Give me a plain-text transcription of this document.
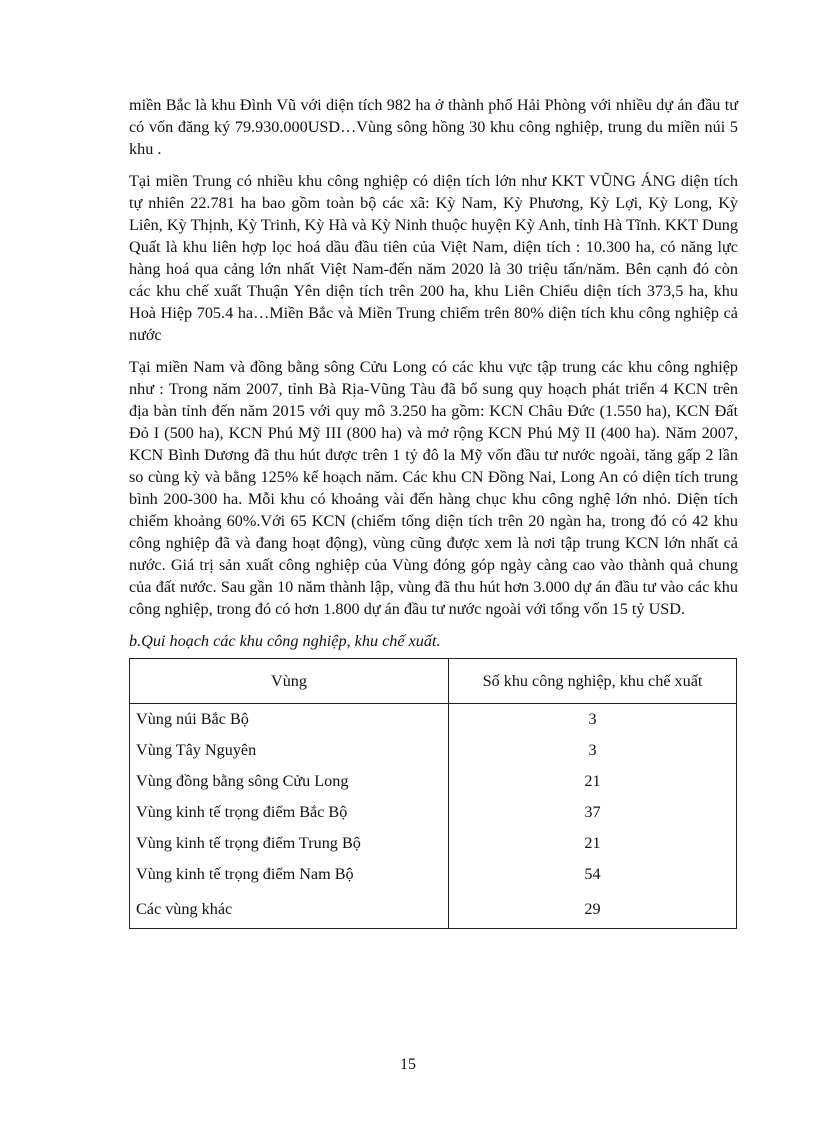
miền Bắc là khu Đình Vũ với diện tích 982 ha ở thành phố Hải Phòng với nhiều dự án đầu tư có vốn đăng ký 79.930.000USD…Vùng sông hồng 30 khu công nghiệp, trung du miền núi 5 khu .

Tại miền Trung có nhiều khu công nghiệp có diện tích lớn như KKT VŨNG ÁNG diện tích tự nhiên 22.781 ha bao gồm toàn bộ các xã: Kỳ Nam, Kỳ Phương, Kỳ Lợi, Kỳ Long, Kỳ Liên, Kỳ Thịnh, Kỳ Trinh, Kỳ Hà và Kỳ Ninh thuộc huyện Kỳ Anh, tỉnh Hà Tĩnh. KKT Dung Quất là khu liên hợp lọc hoá dầu đầu tiên của Việt Nam, diện tích : 10.300 ha, có năng lực hàng hoá qua cảng lớn nhất Việt Nam-đến năm 2020 là 30 triệu tấn/năm. Bên cạnh đó còn các khu chế xuất Thuận Yên diện tích trên 200 ha, khu Liên Chiểu diện tích 373,5 ha, khu Hoà Hiệp 705.4 ha…Miền Bắc và Miền Trung chiếm trên 80% diện tích khu công nghiệp cả nước

Tại miền Nam và đồng bằng sông Cửu Long có các khu vực tập trung các khu công nghiệp như : Trong năm 2007, tỉnh Bà Rịa-Vũng Tàu đã bổ sung quy hoạch phát triển 4 KCN trên địa bàn tỉnh đến năm 2015 với quy mô 3.250 ha gồm: KCN Châu Đức (1.550 ha), KCN Đất Đỏ I (500 ha), KCN Phú Mỹ III (800 ha) và mở rộng KCN Phú Mỹ II (400 ha). Năm 2007, KCN Bình Dương đã thu hút được trên 1 tỷ đô la Mỹ vốn đầu tư nước ngoài, tăng gấp 2 lần so cùng kỳ và bằng 125% kế hoạch năm. Các khu CN Đồng Nai, Long An có diện tích trung bình 200-300 ha. Mỗi khu có khoảng vài đến hàng chục khu công nghệ lớn nhỏ. Diện tích chiếm khoảng 60%.Với 65 KCN (chiếm tổng diện tích trên 20 ngàn ha, trong đó có 42 khu công nghiệp đã và đang hoạt động), vùng cũng được xem là nơi tập trung KCN lớn nhất cả nước. Giá trị sản xuất công nghiệp của Vùng đóng góp ngày càng cao vào thành quả chung của đất nước. Sau gần 10 năm thành lập, vùng đã thu hút hơn 3.000 dự án đầu tư vào các khu công nghiệp, trong đó có hơn 1.800 dự án đầu tư nước ngoài với tổng vốn 15 tỷ USD.

b.Qui hoạch các khu công nghiệp, khu chế xuất.

Vùng	Số khu công nghiệp, khu chế xuất
Vùng núi Bắc Bộ	3
Vùng Tây Nguyên	3
Vùng đồng bằng sông Cửu Long	21
Vùng kinh tế trọng điểm Bắc Bộ	37
Vùng kinh tế trọng điểm Trung Bộ	21
Vùng kinh tế trọng điểm Nam Bộ	54
Các vùng khác	29
15
